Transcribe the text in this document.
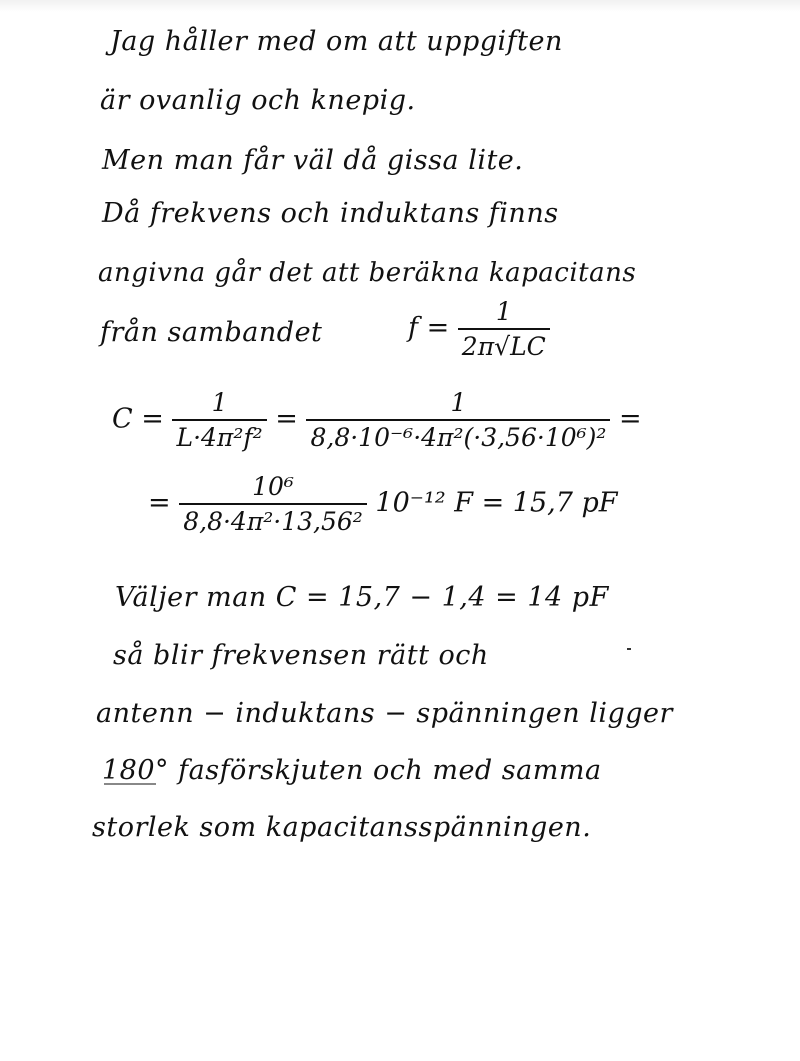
Jag håller med om att uppgiften
är ovanlig och knepig.
Men man får väl då gissa lite.
Då frekvens och induktans finns
angivna går det att beräkna kapacitans
från sambandet	$f = \frac{1}{2\pi√LC}$
$C = \frac{1}{\text{L·4π²f²}} = \frac{1}{\text{8,8·10⁻⁶·4π²(·3,56·10⁶)²}}$ =
= $\frac{\text{10⁶}}{\text{8,8·4π²·13,56²}} 10^{-12}$ F = 15,7 pF
Väljer man C = 15,7 − 1,4 = 14 pF
så blir frekvensen rätt och
antenn − induktans − spänningen ligger
180° fasförskjuten och med samma
storlek som kapacitansspänningen.
